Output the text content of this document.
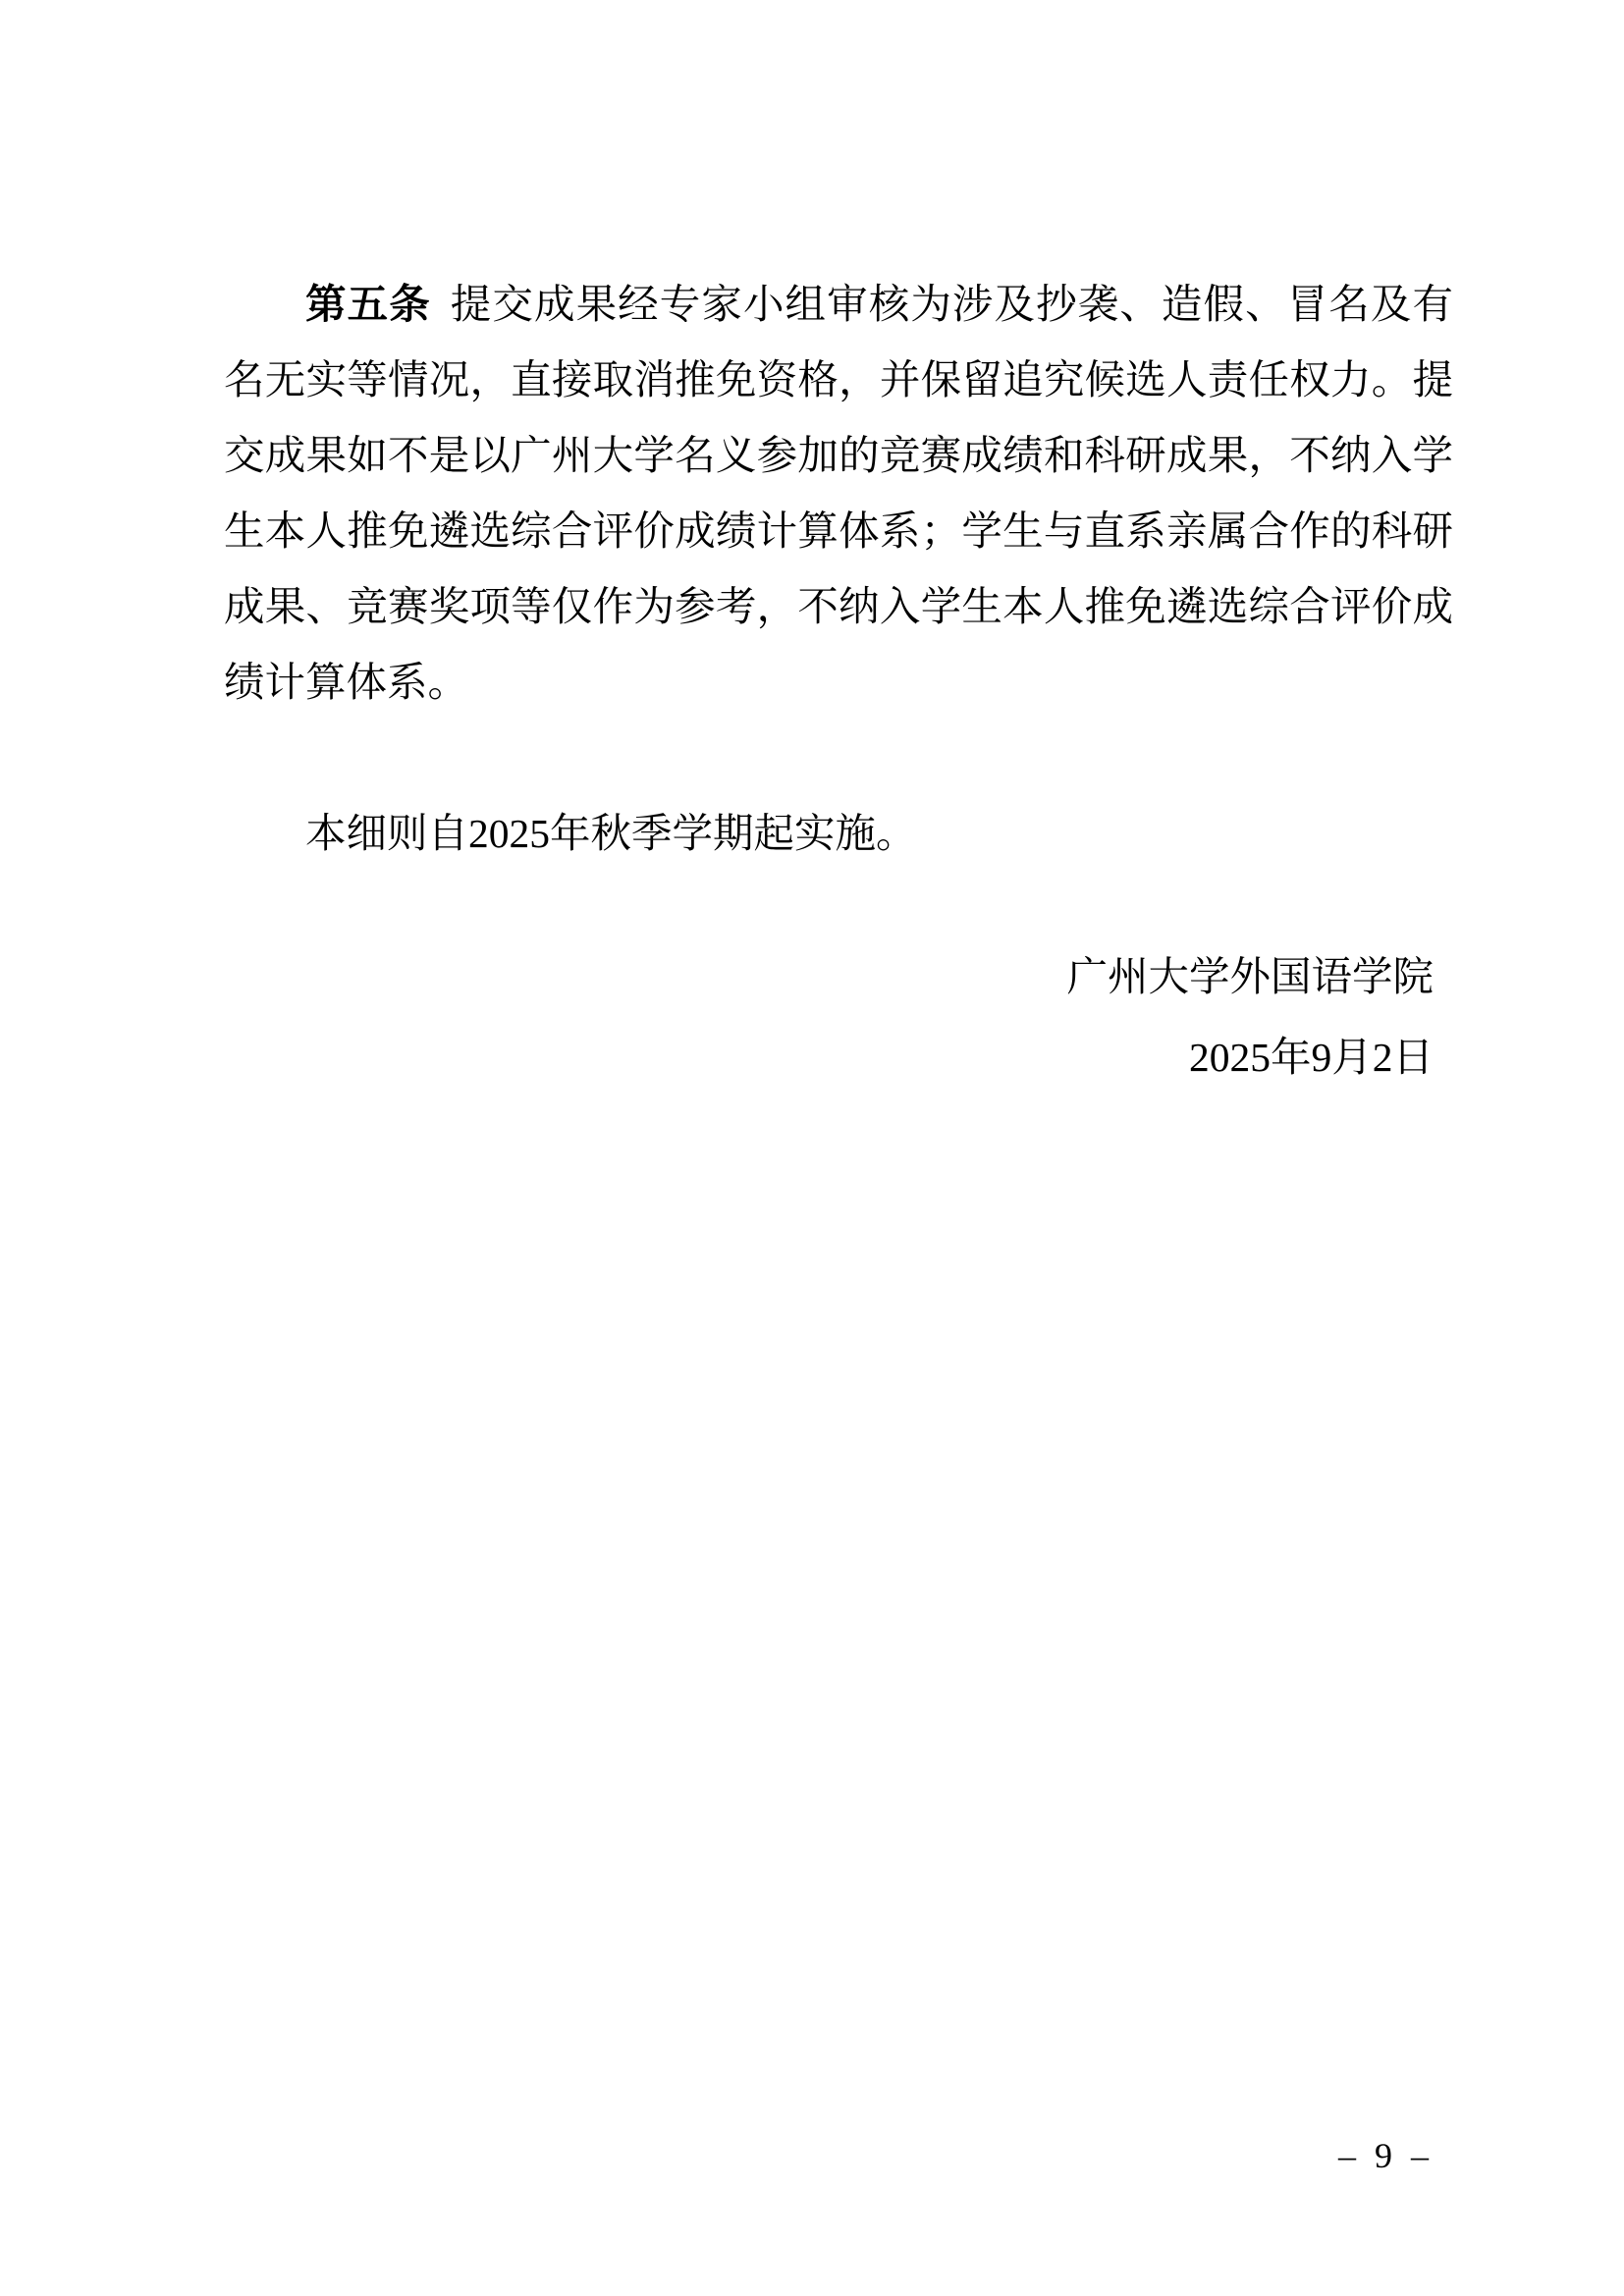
第五条 提交成果经专家小组审核为涉及抄袭、造假、冒名及有名无实等情况，直接取消推免资格，并保留追究候选人责任权力。提交成果如不是以广州大学名义参加的竞赛成绩和科研成果，不纳入学生本人推免遴选综合评价成绩计算体系；学生与直系亲属合作的科研成果、竞赛奖项等仅作为参考，不纳入学生本人推免遴选综合评价成绩计算体系。

本细则自2025年秋季学期起实施。

广州大学外国语学院
2025年9月2日
– 9 –
